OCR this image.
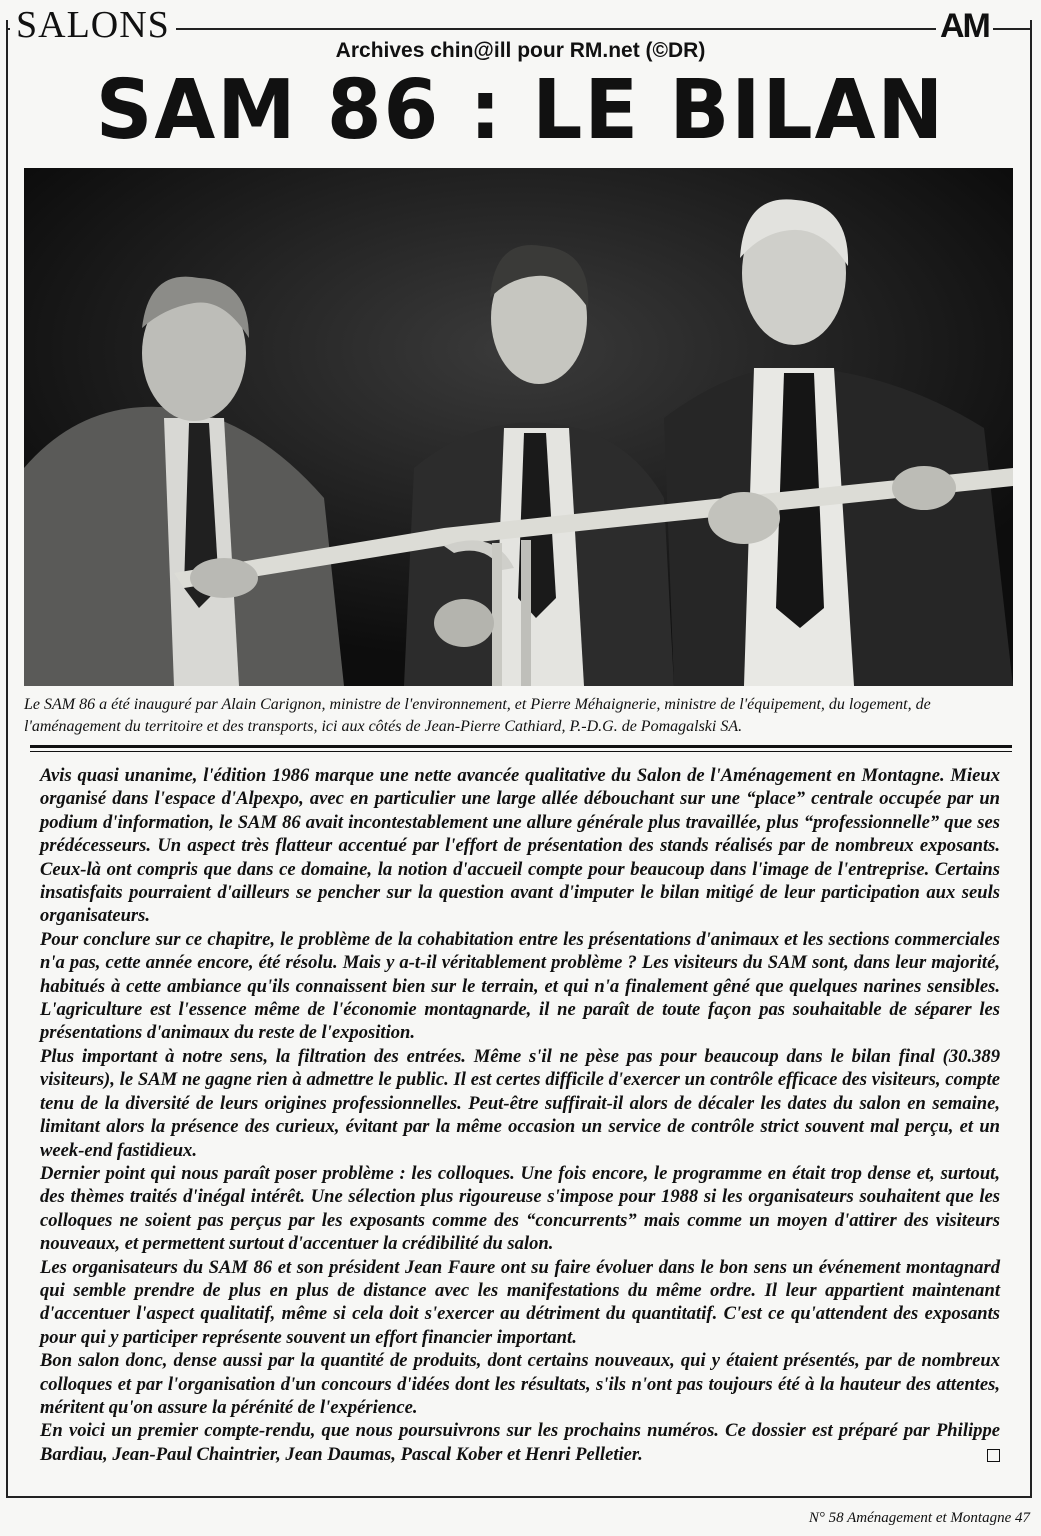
SALONS	AM
Archives chin@ill pour RM.net (©DR)
SAM 86 : LE BILAN
Le SAM 86 a été inauguré par Alain Carignon, ministre de l'environnement, et Pierre Méhaignerie, ministre de l'équipement, du logement, de l'aménagement du territoire et des transports, ici aux côtés de Jean-Pierre Cathiard, P.-D.G. de Pomagalski SA.

Avis quasi unanime, l'édition 1986 marque une nette avancée qualitative du Salon de l'Aménagement en Montagne. Mieux organisé dans l'espace d'Alpexpo, avec en particulier une large allée débouchant sur une “place” centrale occupée par un podium d'information, le SAM 86 avait incontestablement une allure générale plus travaillée, plus “professionnelle” que ses prédécesseurs. Un aspect très flatteur accentué par l'effort de présentation des stands réalisés par de nombreux exposants. Ceux-là ont compris que dans ce domaine, la notion d'accueil compte pour beaucoup dans l'image de l'entreprise. Certains insatisfaits pourraient d'ailleurs se pencher sur la question avant d'imputer le bilan mitigé de leur participation aux seuls organisateurs.

Pour conclure sur ce chapitre, le problème de la cohabitation entre les présentations d'animaux et les sections commerciales n'a pas, cette année encore, été résolu. Mais y a-t-il véritablement problème ? Les visiteurs du SAM sont, dans leur majorité, habitués à cette ambiance qu'ils connaissent bien sur le terrain, et qui n'a finalement gêné que quelques narines sensibles. L'agriculture est l'essence même de l'économie montagnarde, il ne paraît de toute façon pas souhaitable de séparer les présentations d'animaux du reste de l'exposition.

Plus important à notre sens, la filtration des entrées. Même s'il ne pèse pas pour beaucoup dans le bilan final (30.389 visiteurs), le SAM ne gagne rien à admettre le public. Il est certes difficile d'exercer un contrôle efficace des visiteurs, compte tenu de la diversité de leurs origines professionnelles. Peut-être suffirait-il alors de décaler les dates du salon en semaine, limitant alors la présence des curieux, évitant par la même occasion un service de contrôle strict souvent mal perçu, et un week-end fastidieux.

Dernier point qui nous paraît poser problème : les colloques. Une fois encore, le programme en était trop dense et, surtout, des thèmes traités d'inégal intérêt. Une sélection plus rigoureuse s'impose pour 1988 si les organisateurs souhaitent que les colloques ne soient pas perçus par les exposants comme des “concurrents” mais comme un moyen d'attirer des visiteurs nouveaux, et permettent surtout d'accentuer la crédibilité du salon.

Les organisateurs du SAM 86 et son président Jean Faure ont su faire évoluer dans le bon sens un événement montagnard qui semble prendre de plus en plus de distance avec les manifestations du même ordre. Il leur appartient maintenant d'accentuer l'aspect qualitatif, même si cela doit s'exercer au détriment du quantitatif. C'est ce qu'attendent des exposants pour qui y participer représente souvent un effort financier important.

Bon salon donc, dense aussi par la quantité de produits, dont certains nouveaux, qui y étaient présentés, par de nombreux colloques et par l'organisation d'un concours d'idées dont les résultats, s'ils n'ont pas toujours été à la hauteur des attentes, méritent qu'on assure la pérénité de l'expérience.

En voici un premier compte-rendu, que nous poursuivrons sur les prochains numéros. Ce dossier est préparé par Philippe Bardiau, Jean-Paul Chaintrier, Jean Daumas, Pascal Kober et Henri Pelletier.

N° 58 Aménagement et Montagne 47
